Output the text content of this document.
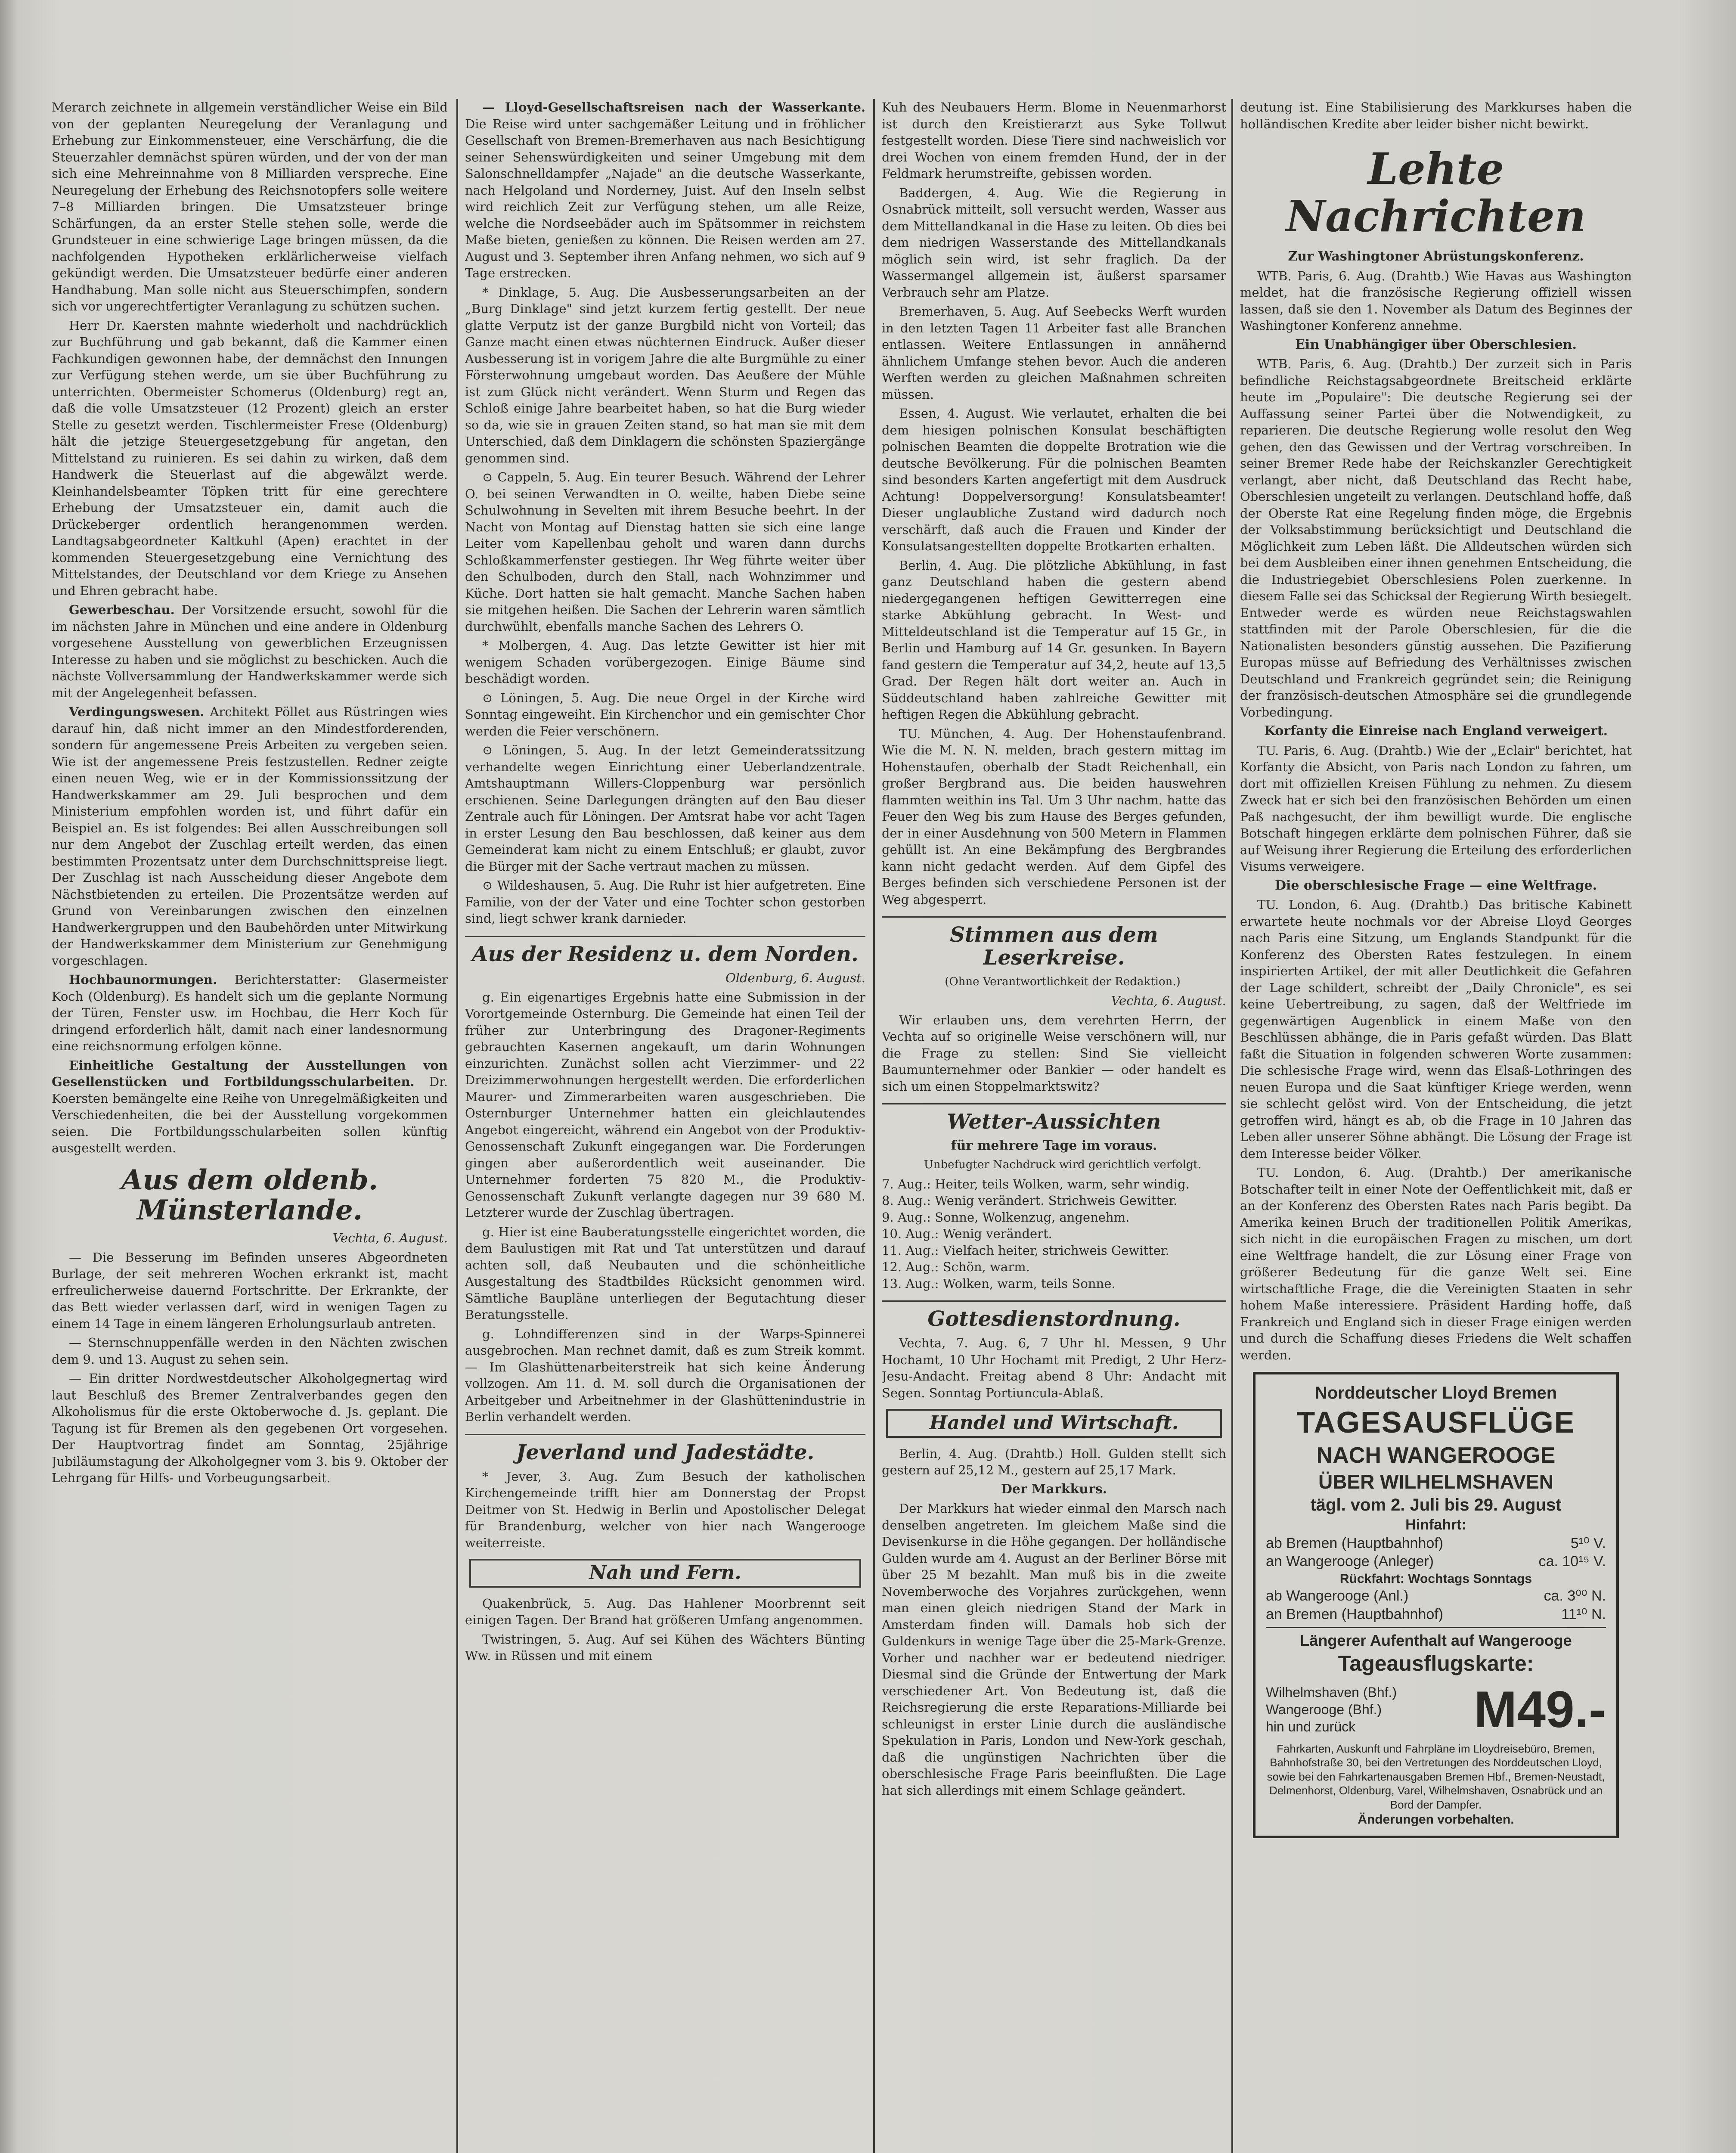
Merarch zeichnete in allgemein verständlicher Weise ein Bild von der geplanten Neuregelung der Veranlagung und Erhebung zur Einkommensteuer, eine Verschärfung, die die Steuerzahler demnächst spüren würden, und der von der man sich eine Mehreinnahme von 8 Milliarden verspreche. Eine Neuregelung der Erhebung des Reichsnotopfers solle weitere 7–8 Milliarden bringen. Die Umsatzsteuer bringe Schärfungen, da an erster Stelle stehen solle, werde die Grundsteuer in eine schwierige Lage bringen müssen, da die nachfolgenden Hypotheken erklärlicherweise vielfach gekündigt werden. Die Umsatzsteuer bedürfe einer anderen Handhabung. Man solle nicht aus Steuerschimpfen, sondern sich vor ungerechtfertigter Veranlagung zu schützen suchen.

Herr Dr. Kaersten mahnte wiederholt und nachdrücklich zur Buchführung und gab bekannt, daß die Kammer einen Fachkundigen gewonnen habe, der demnächst den Innungen zur Verfügung stehen werde, um sie über Buchführung zu unterrichten. Obermeister Schomerus (Oldenburg) regt an, daß die volle Umsatzsteuer (12 Prozent) gleich an erster Stelle zu gesetzt werden. Tischlermeister Frese (Oldenburg) hält die jetzige Steuergesetzgebung für angetan, den Mittelstand zu ruinieren. Es sei dahin zu wirken, daß dem Handwerk die Steuerlast auf die abgewälzt werde. Kleinhandelsbeamter Töpken tritt für eine gerechtere Erhebung der Umsatzsteuer ein, damit auch die Drückeberger ordentlich herangenommen werden. Landtagsabgeordneter Kaltkuhl (Apen) erachtet in der kommenden Steuergesetzgebung eine Vernichtung des Mittelstandes, der Deutschland vor dem Kriege zu Ansehen und Ehren gebracht habe.

Gewerbeschau. Der Vorsitzende ersucht, sowohl für die im nächsten Jahre in München und eine andere in Oldenburg vorgesehene Ausstellung von gewerblichen Erzeugnissen Interesse zu haben und sie möglichst zu beschicken. Auch die nächste Vollversammlung der Handwerkskammer werde sich mit der Angelegenheit befassen.

Verdingungswesen. Architekt Pöllet aus Rüstringen wies darauf hin, daß nicht immer an den Mindestforderenden, sondern für angemessene Preis Arbeiten zu vergeben seien. Wie ist der angemessene Preis festzustellen. Redner zeigte einen neuen Weg, wie er in der Kommissionssitzung der Handwerkskammer am 29. Juli besprochen und dem Ministerium empfohlen worden ist, und führt dafür ein Beispiel an. Es ist folgendes: Bei allen Ausschreibungen soll nur dem Angebot der Zuschlag erteilt werden, das einen bestimmten Prozentsatz unter dem Durchschnittspreise liegt. Der Zuschlag ist nach Ausscheidung dieser Angebote dem Nächstbietenden zu erteilen. Die Prozentsätze werden auf Grund von Vereinbarungen zwischen den einzelnen Handwerkergruppen und den Baubehörden unter Mitwirkung der Handwerkskammer dem Ministerium zur Genehmigung vorgeschlagen.

Hochbaunormungen. Berichterstatter: Glasermeister Koch (Oldenburg). Es handelt sich um die geplante Normung der Türen, Fenster usw. im Hochbau, die Herr Koch für dringend erforderlich hält, damit nach einer landesnormung eine reichsnormung erfolgen könne.

Einheitliche Gestaltung der Ausstellungen von Gesellenstücken und Fortbildungsschularbeiten. Dr. Koersten bemängelte eine Reihe von Unregelmäßigkeiten und Verschiedenheiten, die bei der Ausstellung vorgekommen seien. Die Fortbildungsschularbeiten sollen künftig ausgestellt werden.

Aus dem oldenb. Münsterlande.
Vechta, 6. August.

— Die Besserung im Befinden unseres Abgeordneten Burlage, der seit mehreren Wochen erkrankt ist, macht erfreulicherweise dauernd Fortschritte. Der Erkrankte, der das Bett wieder verlassen darf, wird in wenigen Tagen zu einem 14 Tage in einem längeren Erholungsurlaub antreten.

— Sternschnuppenfälle werden in den Nächten zwischen dem 9. und 13. August zu sehen sein.

— Ein dritter Nordwestdeutscher Alkoholgegnertag wird laut Beschluß des Bremer Zentralverbandes gegen den Alkoholismus für die erste Oktoberwoche d. Js. geplant. Die Tagung ist für Bremen als den gegebenen Ort vorgesehen. Der Hauptvortrag findet am Sonntag, 25jährige Jubiläumstagung der Alkoholgegner vom 3. bis 9. Oktober der Lehrgang für Hilfs- und Vorbeugungsarbeit.

— Lloyd-Gesellschaftsreisen nach der Wasserkante. Die Reise wird unter sachgemäßer Leitung und in fröhlicher Gesellschaft von Bremen-Bremerhaven aus nach Besichtigung seiner Sehenswürdigkeiten und seiner Umgebung mit dem Salonschnelldampfer „Najade" an die deutsche Wasserkante, nach Helgoland und Norderney, Juist. Auf den Inseln selbst wird reichlich Zeit zur Verfügung stehen, um alle Reize, welche die Nordseebäder auch im Spätsommer in reichstem Maße bieten, genießen zu können. Die Reisen werden am 27. August und 3. September ihren Anfang nehmen, wo sich auf 9 Tage erstrecken.

* Dinklage, 5. Aug. Die Ausbesserungsarbeiten an der „Burg Dinklage" sind jetzt kurzem fertig gestellt. Der neue glatte Verputz ist der ganze Burgbild nicht von Vorteil; das Ganze macht einen etwas nüchternen Eindruck. Außer dieser Ausbesserung ist in vorigem Jahre die alte Burgmühle zu einer Försterwohnung umgebaut worden. Das Aeußere der Mühle ist zum Glück nicht verändert. Wenn Sturm und Regen das Schloß einige Jahre bearbeitet haben, so hat die Burg wieder so da, wie sie in grauen Zeiten stand, so hat man sie mit dem Unterschied, daß dem Dinklagern die schönsten Spaziergänge genommen sind.

⊙ Cappeln, 5. Aug. Ein teurer Besuch. Während der Lehrer O. bei seinen Verwandten in O. weilte, haben Diebe seine Schulwohnung in Sevelten mit ihrem Besuche beehrt. In der Nacht von Montag auf Dienstag hatten sie sich eine lange Leiter vom Kapellenbau geholt und waren dann durchs Schloßkammerfenster gestiegen. Ihr Weg führte weiter über den Schulboden, durch den Stall, nach Wohnzimmer und Küche. Dort hatten sie halt gemacht. Manche Sachen haben sie mitgehen heißen. Die Sachen der Lehrerin waren sämtlich durchwühlt, ebenfalls manche Sachen des Lehrers O.

* Molbergen, 4. Aug. Das letzte Gewitter ist hier mit wenigem Schaden vorübergezogen. Einige Bäume sind beschädigt worden.

⊙ Löningen, 5. Aug. Die neue Orgel in der Kirche wird Sonntag eingeweiht. Ein Kirchenchor und ein gemischter Chor werden die Feier verschönern.

⊙ Löningen, 5. Aug. In der letzt Gemeinderatssitzung verhandelte wegen Einrichtung einer Ueberlandzentrale. Amtshauptmann Willers-Cloppenburg war persönlich erschienen. Seine Darlegungen drängten auf den Bau dieser Zentrale auch für Löningen. Der Amtsrat habe vor acht Tagen in erster Lesung den Bau beschlossen, daß keiner aus dem Gemeinderat kam nicht zu einem Entschluß; er glaubt, zuvor die Bürger mit der Sache vertraut machen zu müssen.

⊙ Wildeshausen, 5. Aug. Die Ruhr ist hier aufgetreten. Eine Familie, von der der Vater und eine Tochter schon gestorben sind, liegt schwer krank darnieder.

Aus der Residenz u. dem Norden.
Oldenburg, 6. August.

g. Ein eigenartiges Ergebnis hatte eine Submission in der Vorortgemeinde Osternburg. Die Gemeinde hat einen Teil der früher zur Unterbringung des Dragoner-Regiments gebrauchten Kasernen angekauft, um darin Wohnungen einzurichten. Zunächst sollen acht Vierzimmer- und 22 Dreizimmerwohnungen hergestellt werden. Die erforderlichen Maurer- und Zimmerarbeiten waren ausgeschrieben. Die Osternburger Unternehmer hatten ein gleichlautendes Angebot eingereicht, während ein Angebot von der Produktiv-Genossenschaft Zukunft eingegangen war. Die Forderungen gingen aber außerordentlich weit auseinander. Die Unternehmer forderten 75 820 M., die Produktiv-Genossenschaft Zukunft verlangte dagegen nur 39 680 M. Letzterer wurde der Zuschlag übertragen.

g. Hier ist eine Bauberatungsstelle eingerichtet worden, die dem Baulustigen mit Rat und Tat unterstützen und darauf achten soll, daß Neubauten und die schönheitliche Ausgestaltung des Stadtbildes Rücksicht genommen wird. Sämtliche Baupläne unterliegen der Begutachtung dieser Beratungsstelle.

g. Lohndifferenzen sind in der Warps-Spinnerei ausgebrochen. Man rechnet damit, daß es zum Streik kommt. — Im Glashüttenarbeiterstreik hat sich keine Änderung vollzogen. Am 11. d. M. soll durch die Organisationen der Arbeitgeber und Arbeitnehmer in der Glashüttenindustrie in Berlin verhandelt werden.

Jeverland und Jadestädte.

* Jever, 3. Aug. Zum Besuch der katholischen Kirchengemeinde trifft hier am Donnerstag der Propst Deitmer von St. Hedwig in Berlin und Apostolischer Delegat für Brandenburg, welcher von hier nach Wangerooge weiterreiste.

Nah und Fern.

Quakenbrück, 5. Aug. Das Hahlener Moorbrennt seit einigen Tagen. Der Brand hat größeren Umfang angenommen.

Twistringen, 5. Aug. Auf sei Kühen des Wächters Bünting Ww. in Rüssen und mit einem

Kuh des Neubauers Herm. Blome in Neuenmarhorst ist durch den Kreistierarzt aus Syke Tollwut festgestellt worden. Diese Tiere sind nachweislich vor drei Wochen von einem fremden Hund, der in der Feldmark herumstreifte, gebissen worden.

Baddergen, 4. Aug. Wie die Regierung in Osnabrück mitteilt, soll versucht werden, Wasser aus dem Mittellandkanal in die Hase zu leiten. Ob dies bei dem niedrigen Wasserstande des Mittellandkanals möglich sein wird, ist sehr fraglich. Da der Wassermangel allgemein ist, äußerst sparsamer Verbrauch sehr am Platze.

Bremerhaven, 5. Aug. Auf Seebecks Werft wurden in den letzten Tagen 11 Arbeiter fast alle Branchen entlassen. Weitere Entlassungen in annähernd ähnlichem Umfange stehen bevor. Auch die anderen Werften werden zu gleichen Maßnahmen schreiten müssen.

Essen, 4. August. Wie verlautet, erhalten die bei dem hiesigen polnischen Konsulat beschäftigten polnischen Beamten die doppelte Brotration wie die deutsche Bevölkerung. Für die polnischen Beamten sind besonders Karten angefertigt mit dem Ausdruck Achtung! Doppelversorgung! Konsulatsbeamter! Dieser unglaubliche Zustand wird dadurch noch verschärft, daß auch die Frauen und Kinder der Konsulatsangestellten doppelte Brotkarten erhalten.

Berlin, 4. Aug. Die plötzliche Abkühlung, in fast ganz Deutschland haben die gestern abend niedergegangenen heftigen Gewitterregen eine starke Abkühlung gebracht. In West- und Mitteldeutschland ist die Temperatur auf 15 Gr., in Berlin und Hamburg auf 14 Gr. gesunken. In Bayern fand gestern die Temperatur auf 34,2, heute auf 13,5 Grad. Der Regen hält dort weiter an. Auch in Süddeutschland haben zahlreiche Gewitter mit heftigen Regen die Abkühlung gebracht.

TU. München, 4. Aug. Der Hohenstaufenbrand. Wie die M. N. N. melden, brach gestern mittag im Hohenstaufen, oberhalb der Stadt Reichenhall, ein großer Bergbrand aus. Die beiden hauswehren flammten weithin ins Tal. Um 3 Uhr nachm. hatte das Feuer den Weg bis zum Hause des Berges gefunden, der in einer Ausdehnung von 500 Metern in Flammen gehüllt ist. An eine Bekämpfung des Bergbrandes kann nicht gedacht werden. Auf dem Gipfel des Berges befinden sich verschiedene Personen ist der Weg abgesperrt.

Stimmen aus dem Leserkreise.

(Ohne Verantwortlichkeit der Redaktion.)

Vechta, 6. August.

Wir erlauben uns, dem verehrten Herrn, der Vechta auf so originelle Weise verschönern will, nur die Frage zu stellen: Sind Sie vielleicht Baumunternehmer oder Bankier — oder handelt es sich um einen Stoppelmarktswitz?

Wetter-Aussichten

für mehrere Tage im voraus.

Unbefugter Nachdruck wird gerichtlich verfolgt.

7. Aug.: Heiter, teils Wolken, warm, sehr windig.

8. Aug.: Wenig verändert. Strichweis Gewitter.

9. Aug.: Sonne, Wolkenzug, angenehm.

10. Aug.: Wenig verändert.

11. Aug.: Vielfach heiter, strichweis Gewitter.

12. Aug.: Schön, warm.

13. Aug.: Wolken, warm, teils Sonne.

Gottesdienstordnung.

Vechta, 7. Aug. 6, 7 Uhr hl. Messen, 9 Uhr Hochamt, 10 Uhr Hochamt mit Predigt, 2 Uhr Herz-Jesu-Andacht. Freitag abend 8 Uhr: Andacht mit Segen. Sonntag Portiuncula-Ablaß.

Handel und Wirtschaft.

Berlin, 4. Aug. (Drahtb.) Holl. Gulden stellt sich gestern auf 25,12 M., gestern auf 25,17 Mark.

Der Markkurs.

Der Markkurs hat wieder einmal den Marsch nach denselben angetreten. Im gleichem Maße sind die Devisenkurse in die Höhe gegangen. Der holländische Gulden wurde am 4. August an der Berliner Börse mit über 25 M bezahlt. Man muß bis in die zweite Novemberwoche des Vorjahres zurückgehen, wenn man einen gleich niedrigen Stand der Mark in Amsterdam finden will. Damals hob sich der Guldenkurs in wenige Tage über die 25-Mark-Grenze. Vorher und nachher war er bedeutend niedriger. Diesmal sind die Gründe der Entwertung der Mark verschiedener Art. Von Bedeutung ist, daß die Reichsregierung die erste Reparations-Milliarde bei schleunigst in erster Linie durch die ausländische Spekulation in Paris, London und New-York geschah, daß die ungünstigen Nachrichten über die oberschlesische Frage Paris beeinflußten. Die Lage hat sich allerdings mit einem Schlage geändert.

deutung ist. Eine Stabilisierung des Markkurses haben die holländischen Kredite aber leider bisher nicht bewirkt.

Lehte Nachrichten

Zur Washingtoner Abrüstungskonferenz.

WTB. Paris, 6. Aug. (Drahtb.) Wie Havas aus Washington meldet, hat die französische Regierung offiziell wissen lassen, daß sie den 1. November als Datum des Beginnes der Washingtoner Konferenz annehme.

Ein Unabhängiger über Oberschlesien.

WTB. Paris, 6. Aug. (Drahtb.) Der zurzeit sich in Paris befindliche Reichstagsabgeordnete Breitscheid erklärte heute im „Populaire": Die deutsche Regierung sei der Auffassung seiner Partei über die Notwendigkeit, zu reparieren. Die deutsche Regierung wolle resolut den Weg gehen, den das Gewissen und der Vertrag vorschreiben. In seiner Bremer Rede habe der Reichskanzler Gerechtigkeit verlangt, aber nicht, daß Deutschland das Recht habe, Oberschlesien ungeteilt zu verlangen. Deutschland hoffe, daß der Oberste Rat eine Regelung finden möge, die Ergebnis der Volksabstimmung berücksichtigt und Deutschland die Möglichkeit zum Leben läßt. Die Alldeutschen würden sich bei dem Ausbleiben einer ihnen genehmen Entscheidung, die die Industriegebiet Oberschlesiens Polen zuerkenne. In diesem Falle sei das Schicksal der Regierung Wirth besiegelt. Entweder werde es würden neue Reichstagswahlen stattfinden mit der Parole Oberschlesien, für die die Nationalisten besonders günstig aussehen. Die Pazifierung Europas müsse auf Befriedung des Verhältnisses zwischen Deutschland und Frankreich gegründet sein; die Reinigung der französisch-deutschen Atmosphäre sei die grundlegende Vorbedingung.

Korfanty die Einreise nach England verweigert.

TU. Paris, 6. Aug. (Drahtb.) Wie der „Eclair" berichtet, hat Korfanty die Absicht, von Paris nach London zu fahren, um dort mit offiziellen Kreisen Fühlung zu nehmen. Zu diesem Zweck hat er sich bei den französischen Behörden um einen Paß nachgesucht, der ihm bewilligt wurde. Die englische Botschaft hingegen erklärte dem polnischen Führer, daß sie auf Weisung ihrer Regierung die Erteilung des erforderlichen Visums verweigere.

Die oberschlesische Frage — eine Weltfrage.

TU. London, 6. Aug. (Drahtb.) Das britische Kabinett erwartete heute nochmals vor der Abreise Lloyd Georges nach Paris eine Sitzung, um Englands Standpunkt für die Konferenz des Obersten Rates festzulegen. In einem inspirierten Artikel, der mit aller Deutlichkeit die Gefahren der Lage schildert, schreibt der „Daily Chronicle", es sei keine Uebertreibung, zu sagen, daß der Weltfriede im gegenwärtigen Augenblick in einem Maße von den Beschlüssen abhänge, die in Paris gefaßt würden. Das Blatt faßt die Situation in folgenden schweren Worte zusammen: Die schlesische Frage wird, wenn das Elsaß-Lothringen des neuen Europa und die Saat künftiger Kriege werden, wenn sie schlecht gelöst wird. Von der Entscheidung, die jetzt getroffen wird, hängt es ab, ob die Frage in 10 Jahren das Leben aller unserer Söhne abhängt. Die Lösung der Frage ist dem Interesse beider Völker.

TU. London, 6. Aug. (Drahtb.) Der amerikanische Botschafter teilt in einer Note der Oeffentlichkeit mit, daß er an der Konferenz des Obersten Rates nach Paris begibt. Da Amerika keinen Bruch der traditionellen Politik Amerikas, sich nicht in die europäischen Fragen zu mischen, um dort eine Weltfrage handelt, die zur Lösung einer Frage von größerer Bedeutung für die ganze Welt sei. Eine wirtschaftliche Frage, die die Vereinigten Staaten in sehr hohem Maße interessiere. Präsident Harding hoffe, daß Frankreich und England sich in dieser Frage einigen werden und durch die Schaffung dieses Friedens die Welt schaffen werden.

Norddeutscher Lloyd Bremen
TAGESAUSFLÜGE
NACH WANGEROOGE
ÜBER WILHELMSHAVEN
tägl. vom 2. Juli bis 29. August
Hinfahrt:
ab Bremen (Hauptbahnhof)	5¹⁰ V.
an Wangerooge (Anleger)	ca. 10¹⁵ V.
Rückfahrt: Wochtags Sonntags
ab Wangerooge (Anl.)	ca. 3⁰⁰ N.
an Bremen (Hauptbahnhof)	11¹⁰ N.
Längerer Aufenthalt auf Wangerooge
Tageausflugskarte:
Wilhelmshaven (Bhf.)
Wangerooge (Bhf.)
hin und zurück	M49.-
Fahrkarten, Auskunft und Fahrpläne im Lloydreisebüro, Bremen, Bahnhofstraße 30, bei den Vertretungen des Norddeutschen Lloyd, sowie bei den Fahrkartenausgaben Bremen Hbf., Bremen-Neustadt, Delmenhorst, Oldenburg, Varel, Wilhelmshaven, Osnabrück und an Bord der Dampfer.
Änderungen vorbehalten.
